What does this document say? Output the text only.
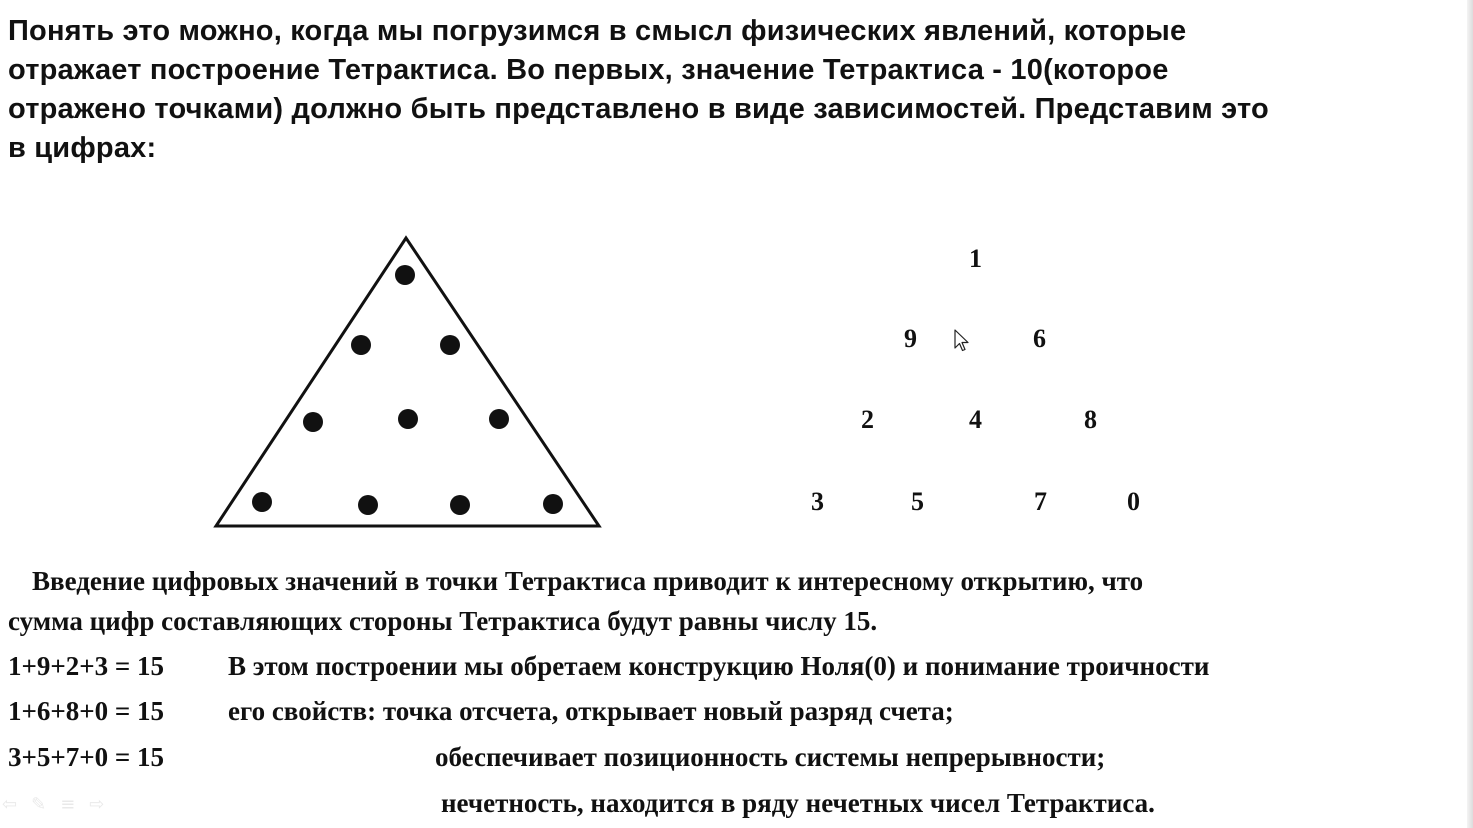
Понять это можно, когда мы погрузимся в смысл физических явлений, которые
отражает построение Тетрактиса. Во первых, значение Тетрактиса - 10(которое
отражено точками) должно быть представлено в виде зависимостей. Представим это
в цифрах:

1
9	6
2	4	8
3	5	7	0
Введение цифровых значений в точки Тетрактиса приводит к интересному открытию, что
сумма цифр составляющих стороны Тетрактиса будут равны числу 15.
1+9+2+3 = 15
1+6+8+0 = 15
3+5+7+0 = 15
В этом построении мы обретаем конструкцию Ноля(0) и понимание троичности
его свойств: точка отсчета, открывает новый разряд счета;
обеспечивает позиционность системы непрерывности;
нечетность, находится в ряду нечетных чисел Тетрактиса.
⇦ ✎ ≡ ⇨
